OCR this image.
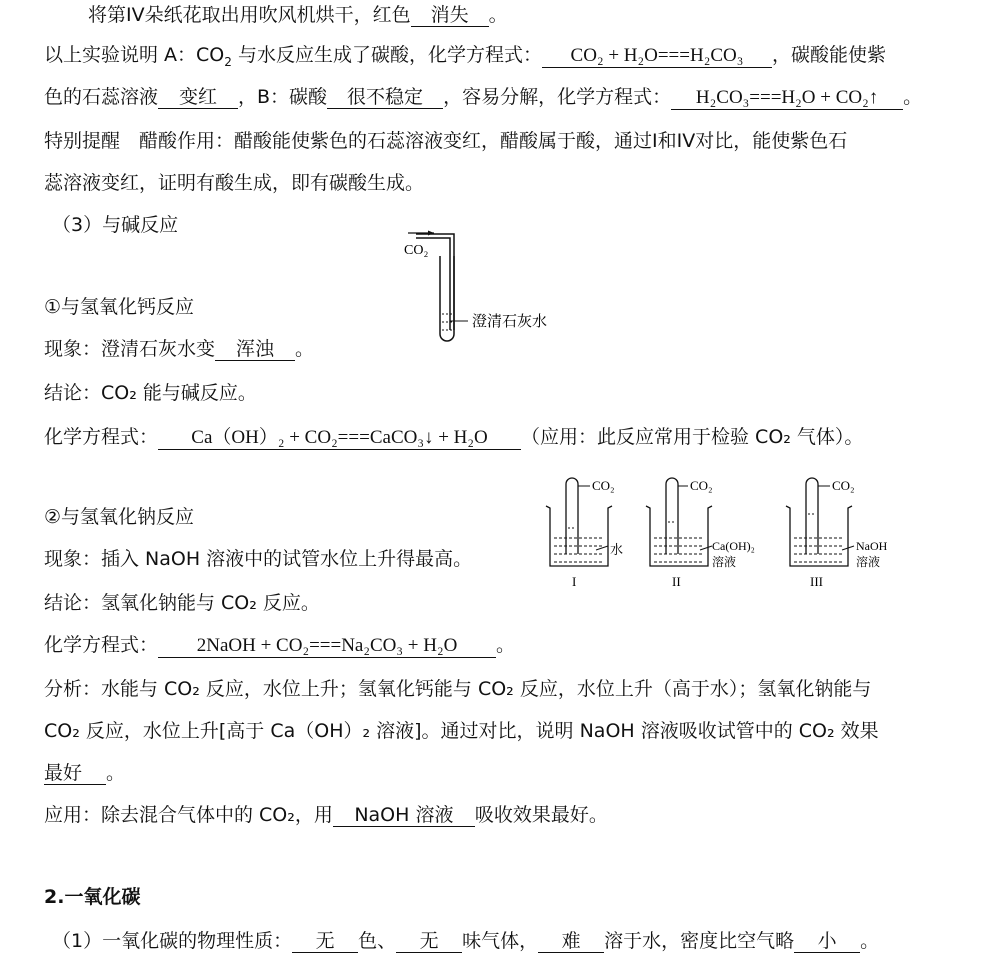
将第IV朵纸花取出用吹风机烘干，红色 消失 。
以上实验说明 A：$CO_2$ 与水反应生成了碳酸，化学方程式： CO₂ + H₂O===H₂CO₃ ，碳酸能使紫
色的石蕊溶液 变红 ，B：碳酸 很不稳定 ，容易分解，化学方程式： H₂CO₃===H₂O + CO₂↑ 。
特别提醒　醋酸作用：醋酸能使紫色的石蕊溶液变红，醋酸属于酸，通过I和IV对比，能使紫色石
蕊溶液变红，证明有酸生成，即有碳酸生成。
（3）与碱反应
CO₂
澄清石灰水
①与氢氧化钙反应
现象：澄清石灰水变 浑浊 。
结论：CO₂ 能与碱反应。
化学方程式： Ca（OH）₂ + CO₂===CaCO₃↓ + H₂O （应用：此反应常用于检验 CO₂ 气体）。
CO₂
水
I
CO₂
Ca(OH)₂
溶液
II
CO₂
NaOH
溶液
III
②与氢氧化钠反应
现象：插入 NaOH 溶液中的试管水位上升得最高。
结论：氢氧化钠能与 CO₂ 反应。
化学方程式： 2NaOH + CO₂===Na₂CO₃ + H₂O 。
分析：水能与 CO₂ 反应，水位上升；氢氧化钙能与 CO₂ 反应，水位上升（高于水）；氢氧化钠能与
CO₂ 反应，水位上升[高于 Ca（OH）₂ 溶液]。通过对比，说明 NaOH 溶液吸收试管中的 CO₂ 效果
最好 。
应用：除去混合气体中的 CO₂，用 NaOH 溶液 吸收效果最好。
2.一氧化碳
（1）一氧化碳的物理性质： 无 色、 无 味气体， 难 溶于水，密度比空气略 小 。
